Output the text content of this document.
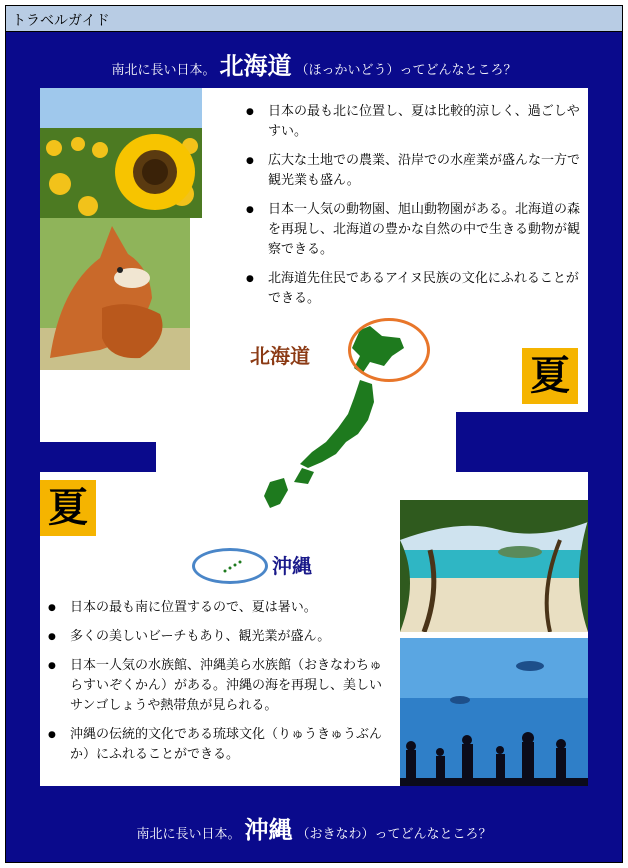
トラベルガイド
南北に長い日本。 北海道 （ほっかいどう）ってどんなところ？
● 日本の最も北に位置し、夏は比較的涼しく、過ごしやすい。
● 広大な土地での農業、沿岸での水産業が盛んな一方で観光業も盛ん。
● 日本一人気の動物園、旭山動物園がある。北海道の森を再現し、北海道の豊かな自然の中で生きる動物が観察できる。
● 北海道先住民であるアイヌ民族の文化にふれることができる。
北海道
沖縄
夏
夏
● 日本の最も南に位置するので、夏は暑い。
● 多くの美しいビーチもあり、観光業が盛ん。
● 日本一人気の水族館、沖縄美ら水族館（おきなわちゅらすいぞくかん）がある。沖縄の海を再現し、美しいサンゴしょうや熱帯魚が見られる。
● 沖縄の伝統的文化である琉球文化（りゅうきゅうぶんか）にふれることができる。
南北に長い日本。 沖縄 （おきなわ）ってどんなところ？
